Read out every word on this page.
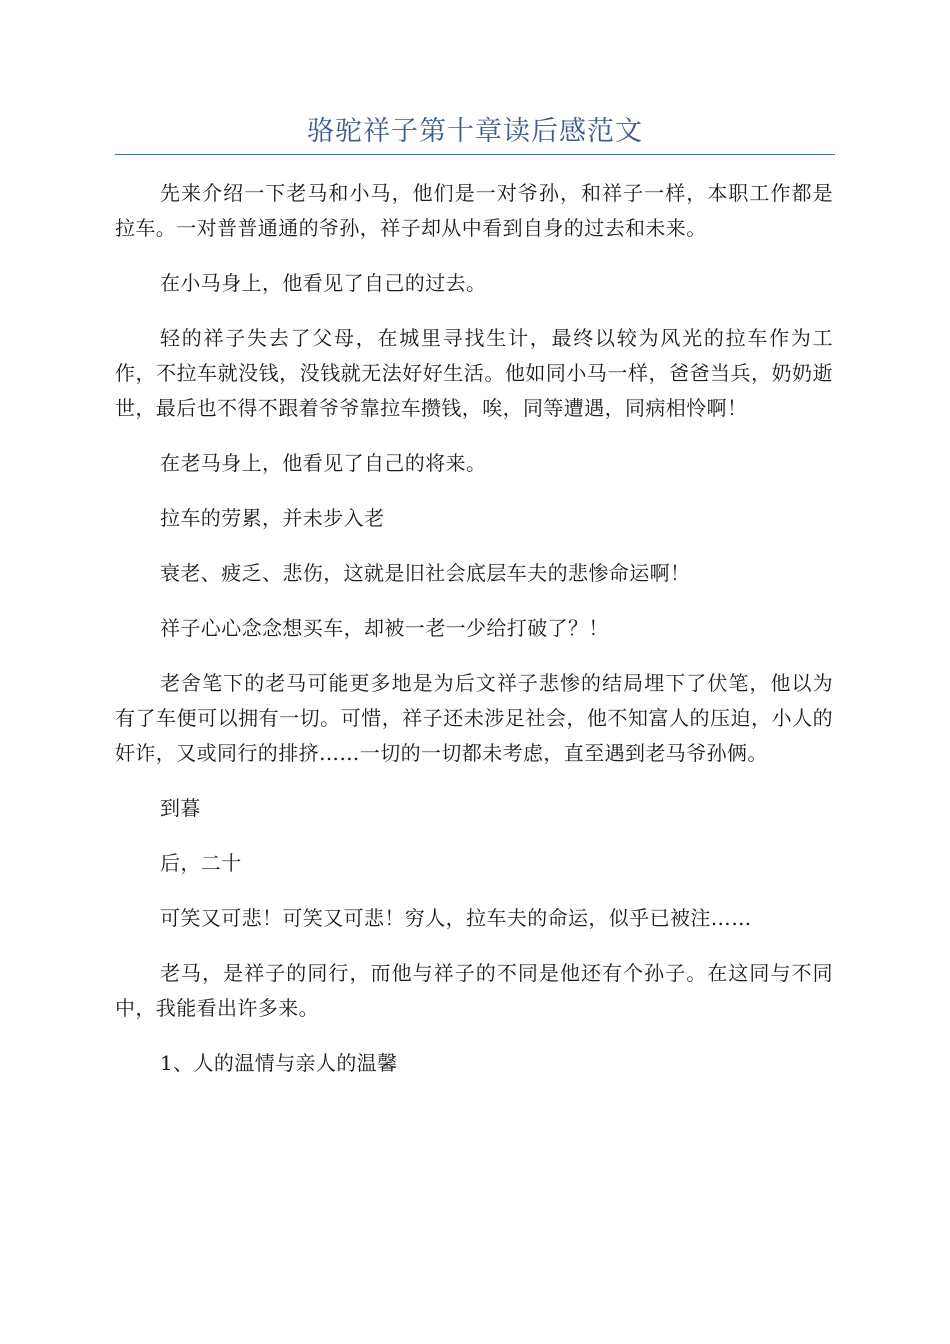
骆驼祥子第十章读后感范文

先来介绍一下老马和小马，他们是一对爷孙，和祥子一样，本职工作都是拉车。一对普普通通的爷孙，祥子却从中看到自身的过去和未来。

在小马身上，他看见了自己的过去。

轻的祥子失去了父母，在城里寻找生计，最终以较为风光的拉车作为工作，不拉车就没钱，没钱就无法好好生活。他如同小马一样，爸爸当兵，奶奶逝世，最后也不得不跟着爷爷靠拉车攒钱，唉，同等遭遇，同病相怜啊！

在老马身上，他看见了自己的将来。

拉车的劳累，并未步入老

衰老、疲乏、悲伤，这就是旧社会底层车夫的悲惨命运啊！

祥子心心念念想买车，却被一老一少给打破了？！

老舍笔下的老马可能更多地是为后文祥子悲惨的结局埋下了伏笔，他以为有了车便可以拥有一切。可惜，祥子还未涉足社会，他不知富人的压迫，小人的奸诈，又或同行的排挤……一切的一切都未考虑，直至遇到老马爷孙俩。

到暮

后，二十

可笑又可悲！可笑又可悲！穷人，拉车夫的命运，似乎已被注……

老马，是祥子的同行，而他与祥子的不同是他还有个孙子。在这同与不同中，我能看出许多来。

1、人的温情与亲人的温馨
